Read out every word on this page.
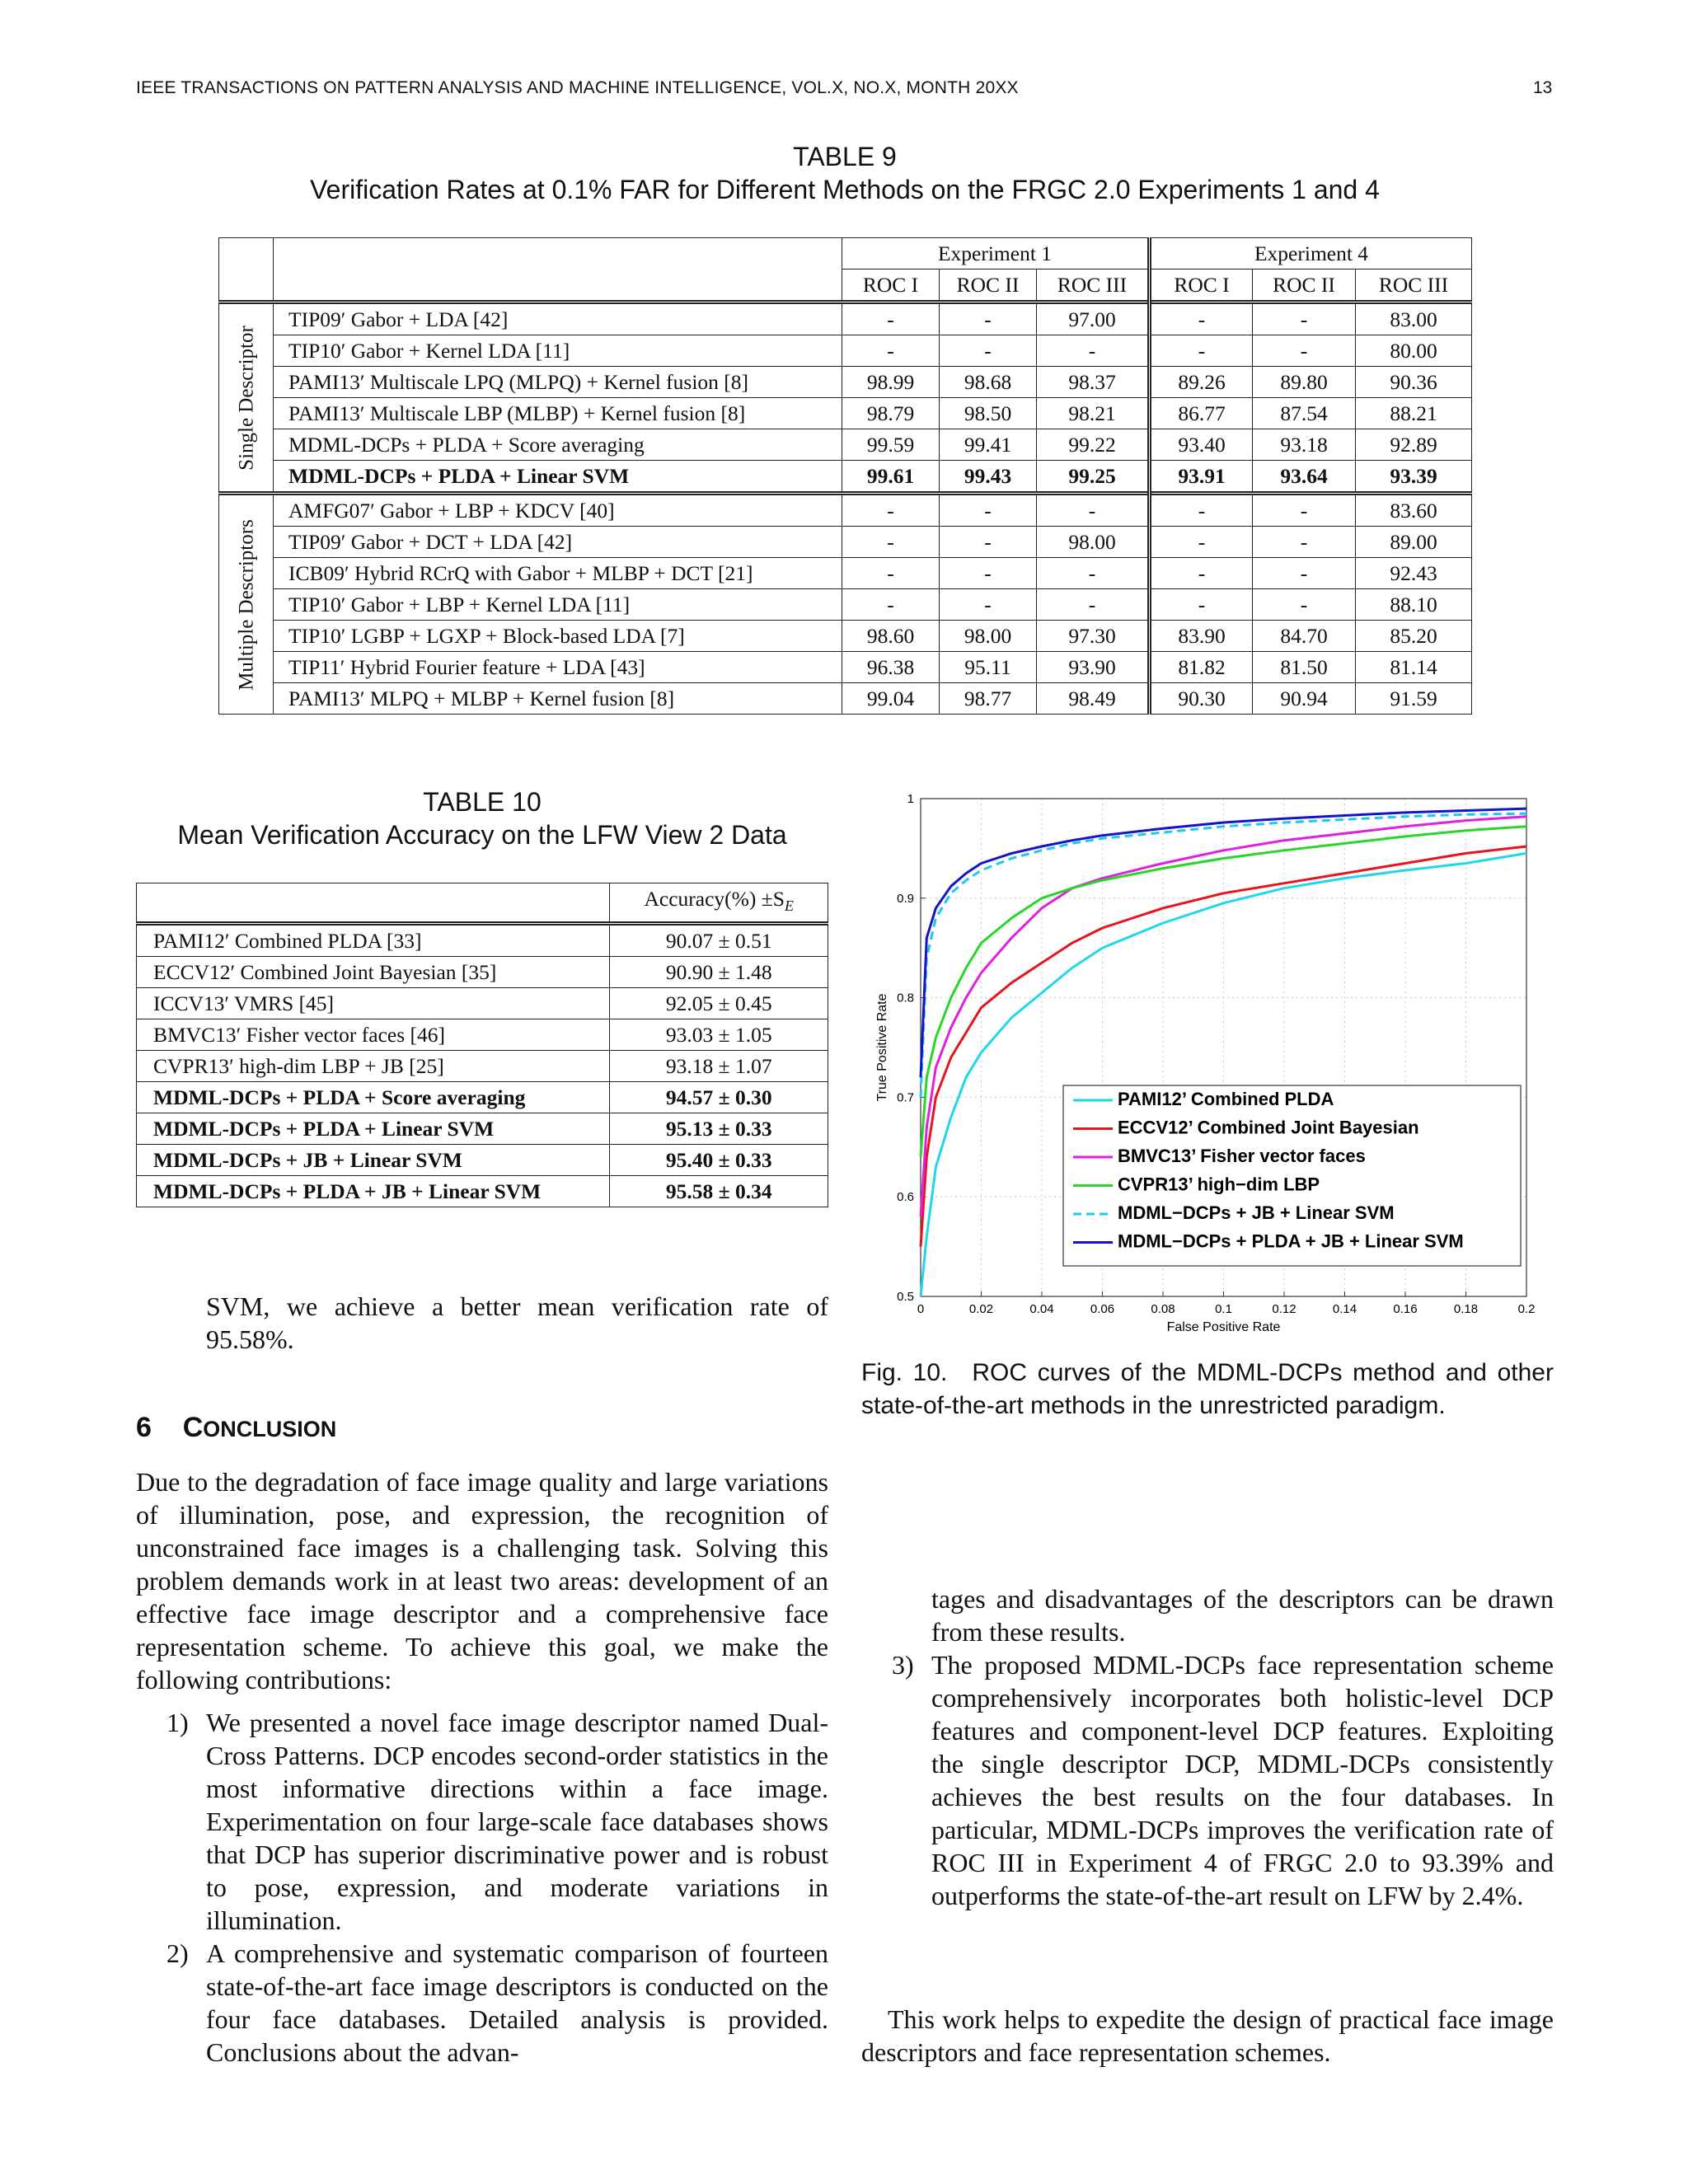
IEEE TRANSACTIONS ON PATTERN ANALYSIS AND MACHINE INTELLIGENCE, VOL.X, NO.X, MONTH 20XX	13
TABLE 9
Verification Rates at 0.1% FAR for Different Methods on the FRGC 2.0 Experiments 1 and 4
		Experiment 1			Experiment 4		
		ROC I	ROC II	ROC III	ROC I	ROC II	ROC III

Single Descriptor	TIP09′ Gabor + LDA [42]	-	-	97.00	-	-	83.00
	TIP10′ Gabor + Kernel LDA [11]	-	-	-	-	-	80.00
	PAMI13′ Multiscale LPQ (MLPQ) + Kernel fusion [8]	98.99	98.68	98.37	89.26	89.80	90.36
	PAMI13′ Multiscale LBP (MLBP) + Kernel fusion [8]	98.79	98.50	98.21	86.77	87.54	88.21
	MDML-DCPs + PLDA + Score averaging	99.59	99.41	99.22	93.40	93.18	92.89
	MDML-DCPs + PLDA + Linear SVM	99.61	99.43	99.25	93.91	93.64	93.39

Multiple Descriptors	AMFG07′ Gabor + LBP + KDCV [40]	-	-	-	-	-	83.60
	TIP09′ Gabor + DCT + LDA [42]	-	-	98.00	-	-	89.00
	ICB09′ Hybrid RCrQ with Gabor + MLBP + DCT [21]	-	-	-	-	-	92.43
	TIP10′ Gabor + LBP + Kernel LDA [11]	-	-	-	-	-	88.10
	TIP10′ LGBP + LGXP + Block-based LDA [7]	98.60	98.00	97.30	83.90	84.70	85.20
	TIP11′ Hybrid Fourier feature + LDA [43]	96.38	95.11	93.90	81.82	81.50	81.14
	PAMI13′ MLPQ + MLBP + Kernel fusion [8]	99.04	98.77	98.49	90.30	90.94	91.59
TABLE 10
Mean Verification Accuracy on the LFW View 2 Data
	Accuracy(%) $\pm S_E$
PAMI12′ Combined PLDA [33]	90.07 ± 0.51
ECCV12′ Combined Joint Bayesian [35]	90.90 ± 1.48
ICCV13′ VMRS [45]	92.05 ± 0.45
BMVC13′ Fisher vector faces [46]	93.03 ± 1.05
CVPR13′ high-dim LBP + JB [25]	93.18 ± 1.07
MDML-DCPs + PLDA + Score averaging	94.57 ± 0.30
MDML-DCPs + PLDA + Linear SVM	95.13 ± 0.33
MDML-DCPs + JB + Linear SVM	95.40 ± 0.33
MDML-DCPs + PLDA + JB + Linear SVM	95.58 ± 0.34
0	0.02	0.04	0.06	0.08	0.1	0.12	0.14	0.16	0.18	0.2
0.5
0.6
0.7
0.8
0.9
1
False Positive Rate
True Positive Rate	PAMI12’ Combined PLDA
ECCV12’ Combined Joint Bayesian
BMVC13’ Fisher vector faces
CVPR13’ high−dim LBP
MDML−DCPs + JB + Linear SVM
MDML−DCPs + PLDA + JB + Linear SVM
Fig. 10. ROC curves of the MDML-DCPs method and other state-of-the-art methods in the unrestricted paradigm.
SVM, we achieve a better mean verification rate of 95.58%.
6 CONCLUSION
Due to the degradation of face image quality and large variations of illumination, pose, and expression, the recognition of unconstrained face images is a challenging task. Solving this problem demands work in at least two areas: development of an effective face image descriptor and a comprehensive face representation scheme. To achieve this goal, we make the following contributions:
1) We presented a novel face image descriptor named Dual-Cross Patterns. DCP encodes second-order statistics in the most informative directions within a face image. Experimentation on four large-scale face databases shows that DCP has superior discriminative power and is robust to pose, expression, and moderate variations in illumination.
2) A comprehensive and systematic comparison of fourteen state-of-the-art face image descriptors is conducted on the four face databases. Detailed analysis is provided. Conclusions about the advan-
tages and disadvantages of the descriptors can be drawn from these results.
3) The proposed MDML-DCPs face representation scheme comprehensively incorporates both holistic-level DCP features and component-level DCP features. Exploiting the single descriptor DCP, MDML-DCPs consistently achieves the best results on the four databases. In particular, MDML-DCPs improves the verification rate of ROC III in Experiment 4 of FRGC 2.0 to 93.39% and outperforms the state-of-the-art result on LFW by 2.4%.
This work helps to expedite the design of practical face image descriptors and face representation schemes.
